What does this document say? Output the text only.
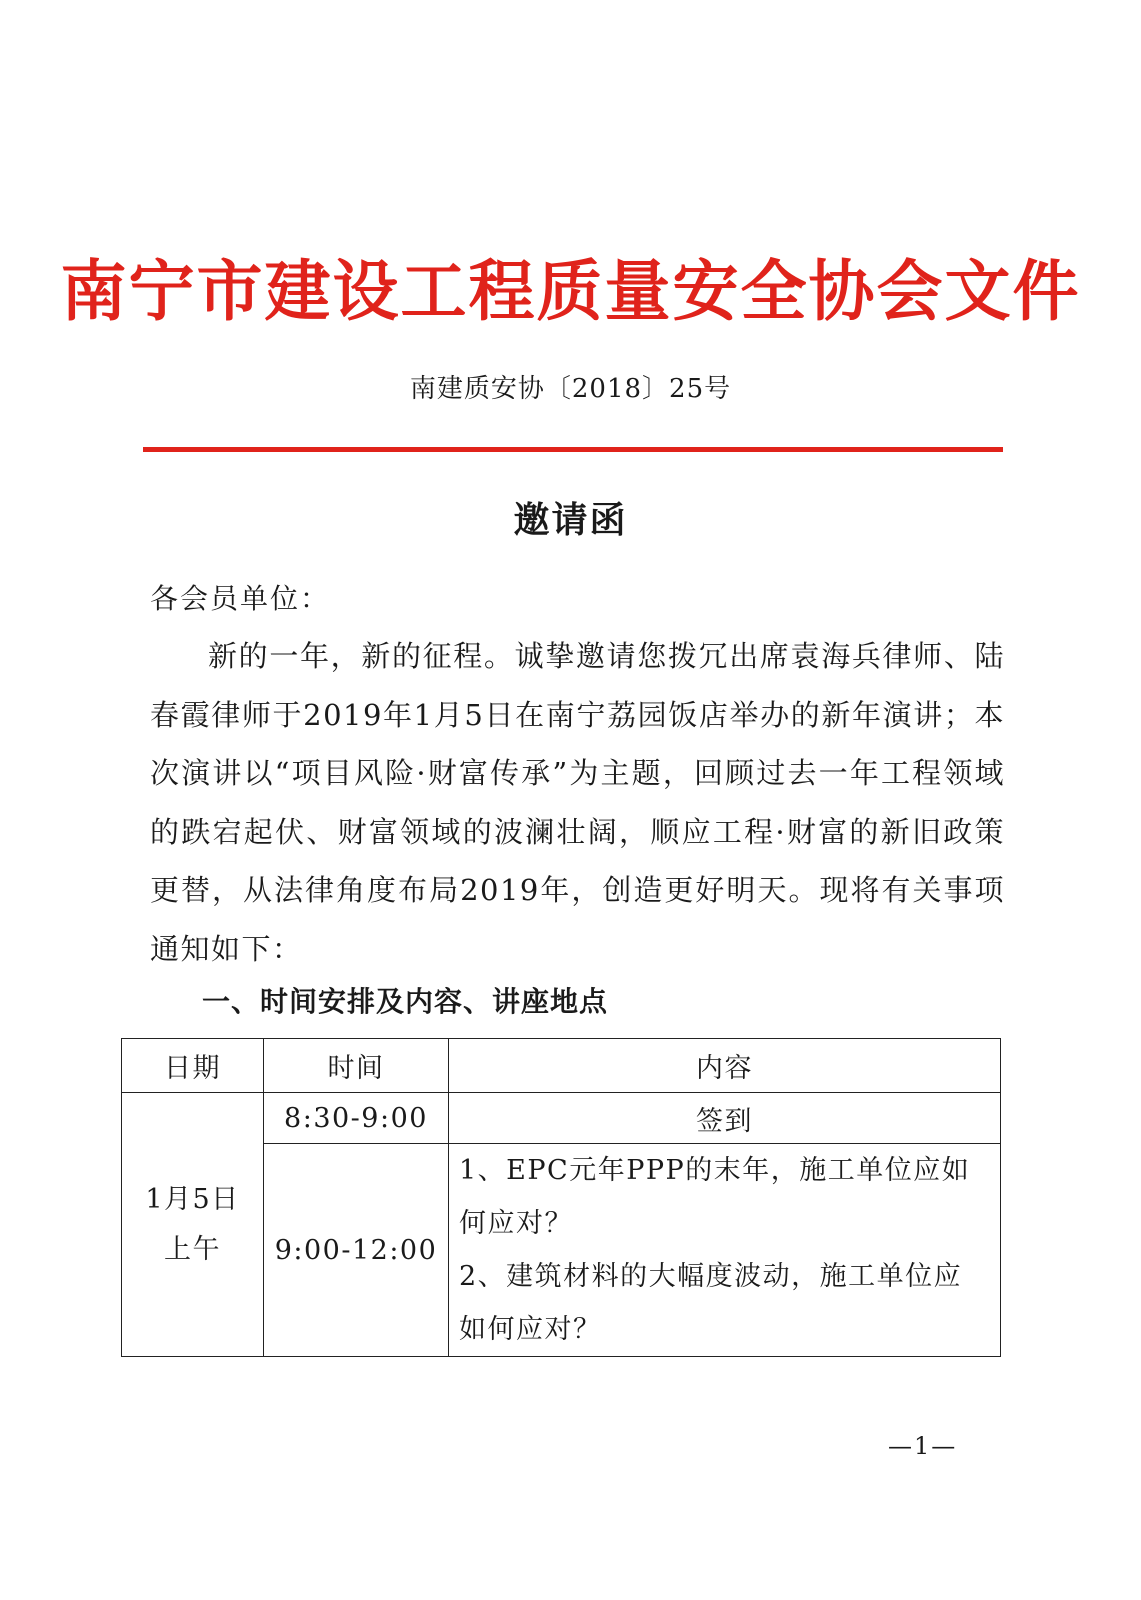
南宁市建设工程质量安全协会文件
南建质安协〔2018〕25号
邀请函
各会员单位：

新的一年，新的征程。诚挚邀请您拨冗出席袁海兵律师、陆春霞律师于2019年1月5日在南宁荔园饭店举办的新年演讲；本次演讲以“项目风险·财富传承”为主题，回顾过去一年工程领域的跌宕起伏、财富领域的波澜壮阔，顺应工程·财富的新旧政策更替，从法律角度布局2019年，创造更好明天。现将有关事项通知如下：

一、时间安排及内容、讲座地点
日期	时间	内容

1月5日
上午	8:30-9:00	签到
	9:00-12:00	1、EPC元年PPP的末年，施工单位应如何应对？
2、建筑材料的大幅度波动，施工单位应如何应对？
—1—
